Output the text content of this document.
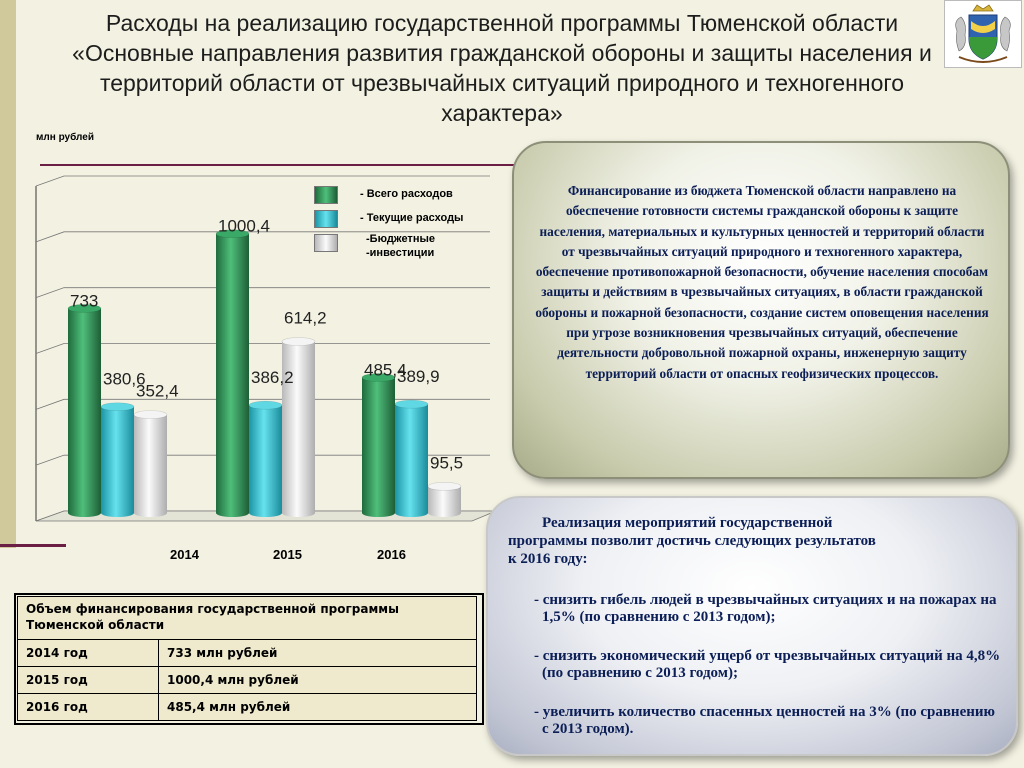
Расходы на реализацию государственной программы Тюменской области «Основные направления развития гражданской обороны и защиты населения и территорий области от чрезвычайных ситуаций природного и техногенного характера»
млн рублей
733
380,6
352,4
1000,4
386,2
614,2
485,4
389,9
95,5
2014	2015	2016
- Всего расходов
- Текущие расходы
-Бюджетные
-инвестиции
Финансирование из бюджета Тюменской области направлено на обеспечение готовности системы гражданской обороны к защите населения, материальных и культурных ценностей и территорий области от чрезвычайных ситуаций природного и техногенного характера, обеспечение противопожарной безопасности, обучение населения способам защиты и действиям в чрезвычайных ситуациях, в области гражданской обороны и пожарной безопасности, создание систем оповещения населения при угрозе возникновения чрезвычайных ситуаций, обеспечение деятельности добровольной пожарной охраны, инженерную защиту территорий области от опасных геофизических процессов.
Реализация мероприятий государственной программы позволит достичь следующих результатов к 2016 году:
- снизить гибель людей в чрезвычайных ситуациях и на пожарах на 1,5% (по сравнению с 2013 годом);
- снизить экономический ущерб от чрезвычайных ситуаций на 4,8% (по сравнению с 2013 годом);
- увеличить количество спасенных ценностей на 3% (по сравнению с 2013 годом).
Объем финансирования государственной программы Тюменской области	
2014 год	733 млн рублей
2015 год	1000,4 млн рублей
2016 год	485,4 млн рублей
